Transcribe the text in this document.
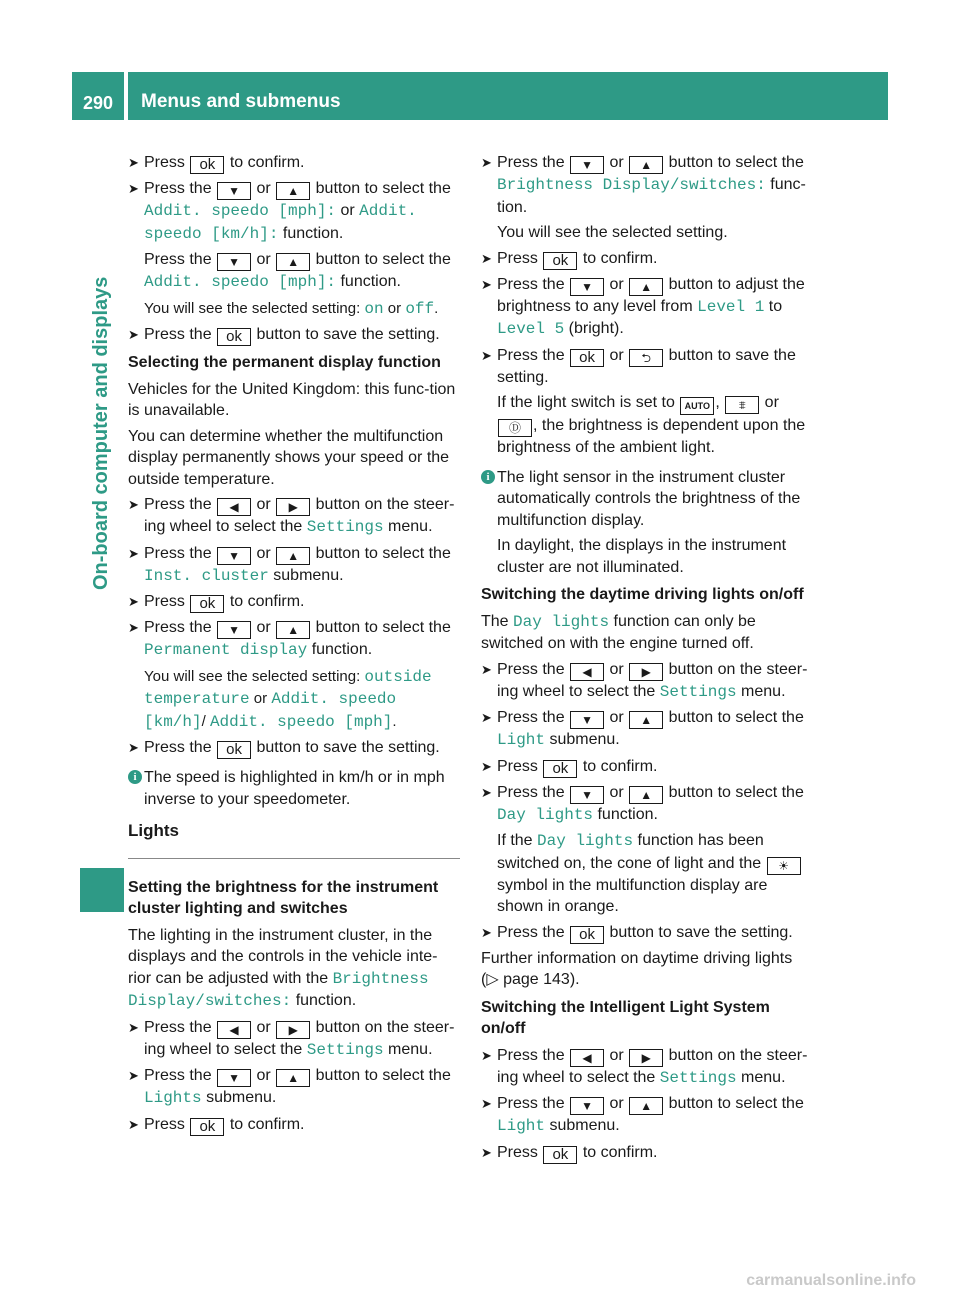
290	Menus and submenus
On-board computer and displays
➤ Press ok to confirm.
➤ Press the ▼ or ▲ button to select the
Addit. speedo [mph]: or Addit. speedo [km/h]: function.
Press the ▼ or ▲ button to select the
Addit. speedo [mph]: function.
You will see the selected setting: on or off.
➤ Press the ok button to save the setting.
Selecting the permanent display function
Vehicles for the United Kingdom: this func-tion is unavailable.
You can determine whether the multifunction display permanently shows your speed or the outside temperature.
➤ Press the ◀ or ▶ button on the steer-ing wheel to select the Settings menu.
➤ Press the ▼ or ▲ button to select the
Inst. cluster submenu.
➤ Press ok to confirm.
➤ Press the ▼ or ▲ button to select the
Permanent display function.
You will see the selected setting: outside temperature or Addit. speedo [km/h]/ Addit. speedo [mph].
➤ Press the ok button to save the setting.
i The speed is highlighted in km/h or in mph inverse to your speedometer.
Lights
Setting the brightness for the instrument cluster lighting and switches
The lighting in the instrument cluster, in the displays and the controls in the vehicle inte-rior can be adjusted with the Brightness Display/switches: function.
➤ Press the ◀ or ▶ button on the steer-ing wheel to select the Settings menu.
➤ Press the ▼ or ▲ button to select the
Lights submenu.
➤ Press ok to confirm.
➤ Press the ▼ or ▲ button to select the
Brightness Display/switches: func-tion.
You will see the selected setting.
➤ Press ok to confirm.
➤ Press the ▼ or ▲ button to adjust the brightness to any level from Level 1 to
Level 5 (bright).
➤ Press the ok or ⮌ button to save the setting.
If the light switch is set to AUTO , ⩨ or
Ⓓ , the brightness is dependent upon the brightness of the ambient light.
i The light sensor in the instrument cluster automatically controls the brightness of the multifunction display.
In daylight, the displays in the instrument cluster are not illuminated.
Switching the daytime driving lights on/off
The Day lights function can only be switched on with the engine turned off.
➤ Press the ◀ or ▶ button on the steer-ing wheel to select the Settings menu.
➤ Press the ▼ or ▲ button to select the
Light submenu.
➤ Press ok to confirm.
➤ Press the ▼ or ▲ button to select the
Day lights function.
If the Day lights function has been switched on, the cone of light and the ☀ symbol in the multifunction display are shown in orange.
➤ Press the ok button to save the setting.
Further information on daytime driving lights (▷ page 143).
Switching the Intelligent Light System on/off
➤ Press the ◀ or ▶ button on the steer-ing wheel to select the Settings menu.
➤ Press the ▼ or ▲ button to select the
Light submenu.
➤ Press ok to confirm.
carmanualsonline.info
